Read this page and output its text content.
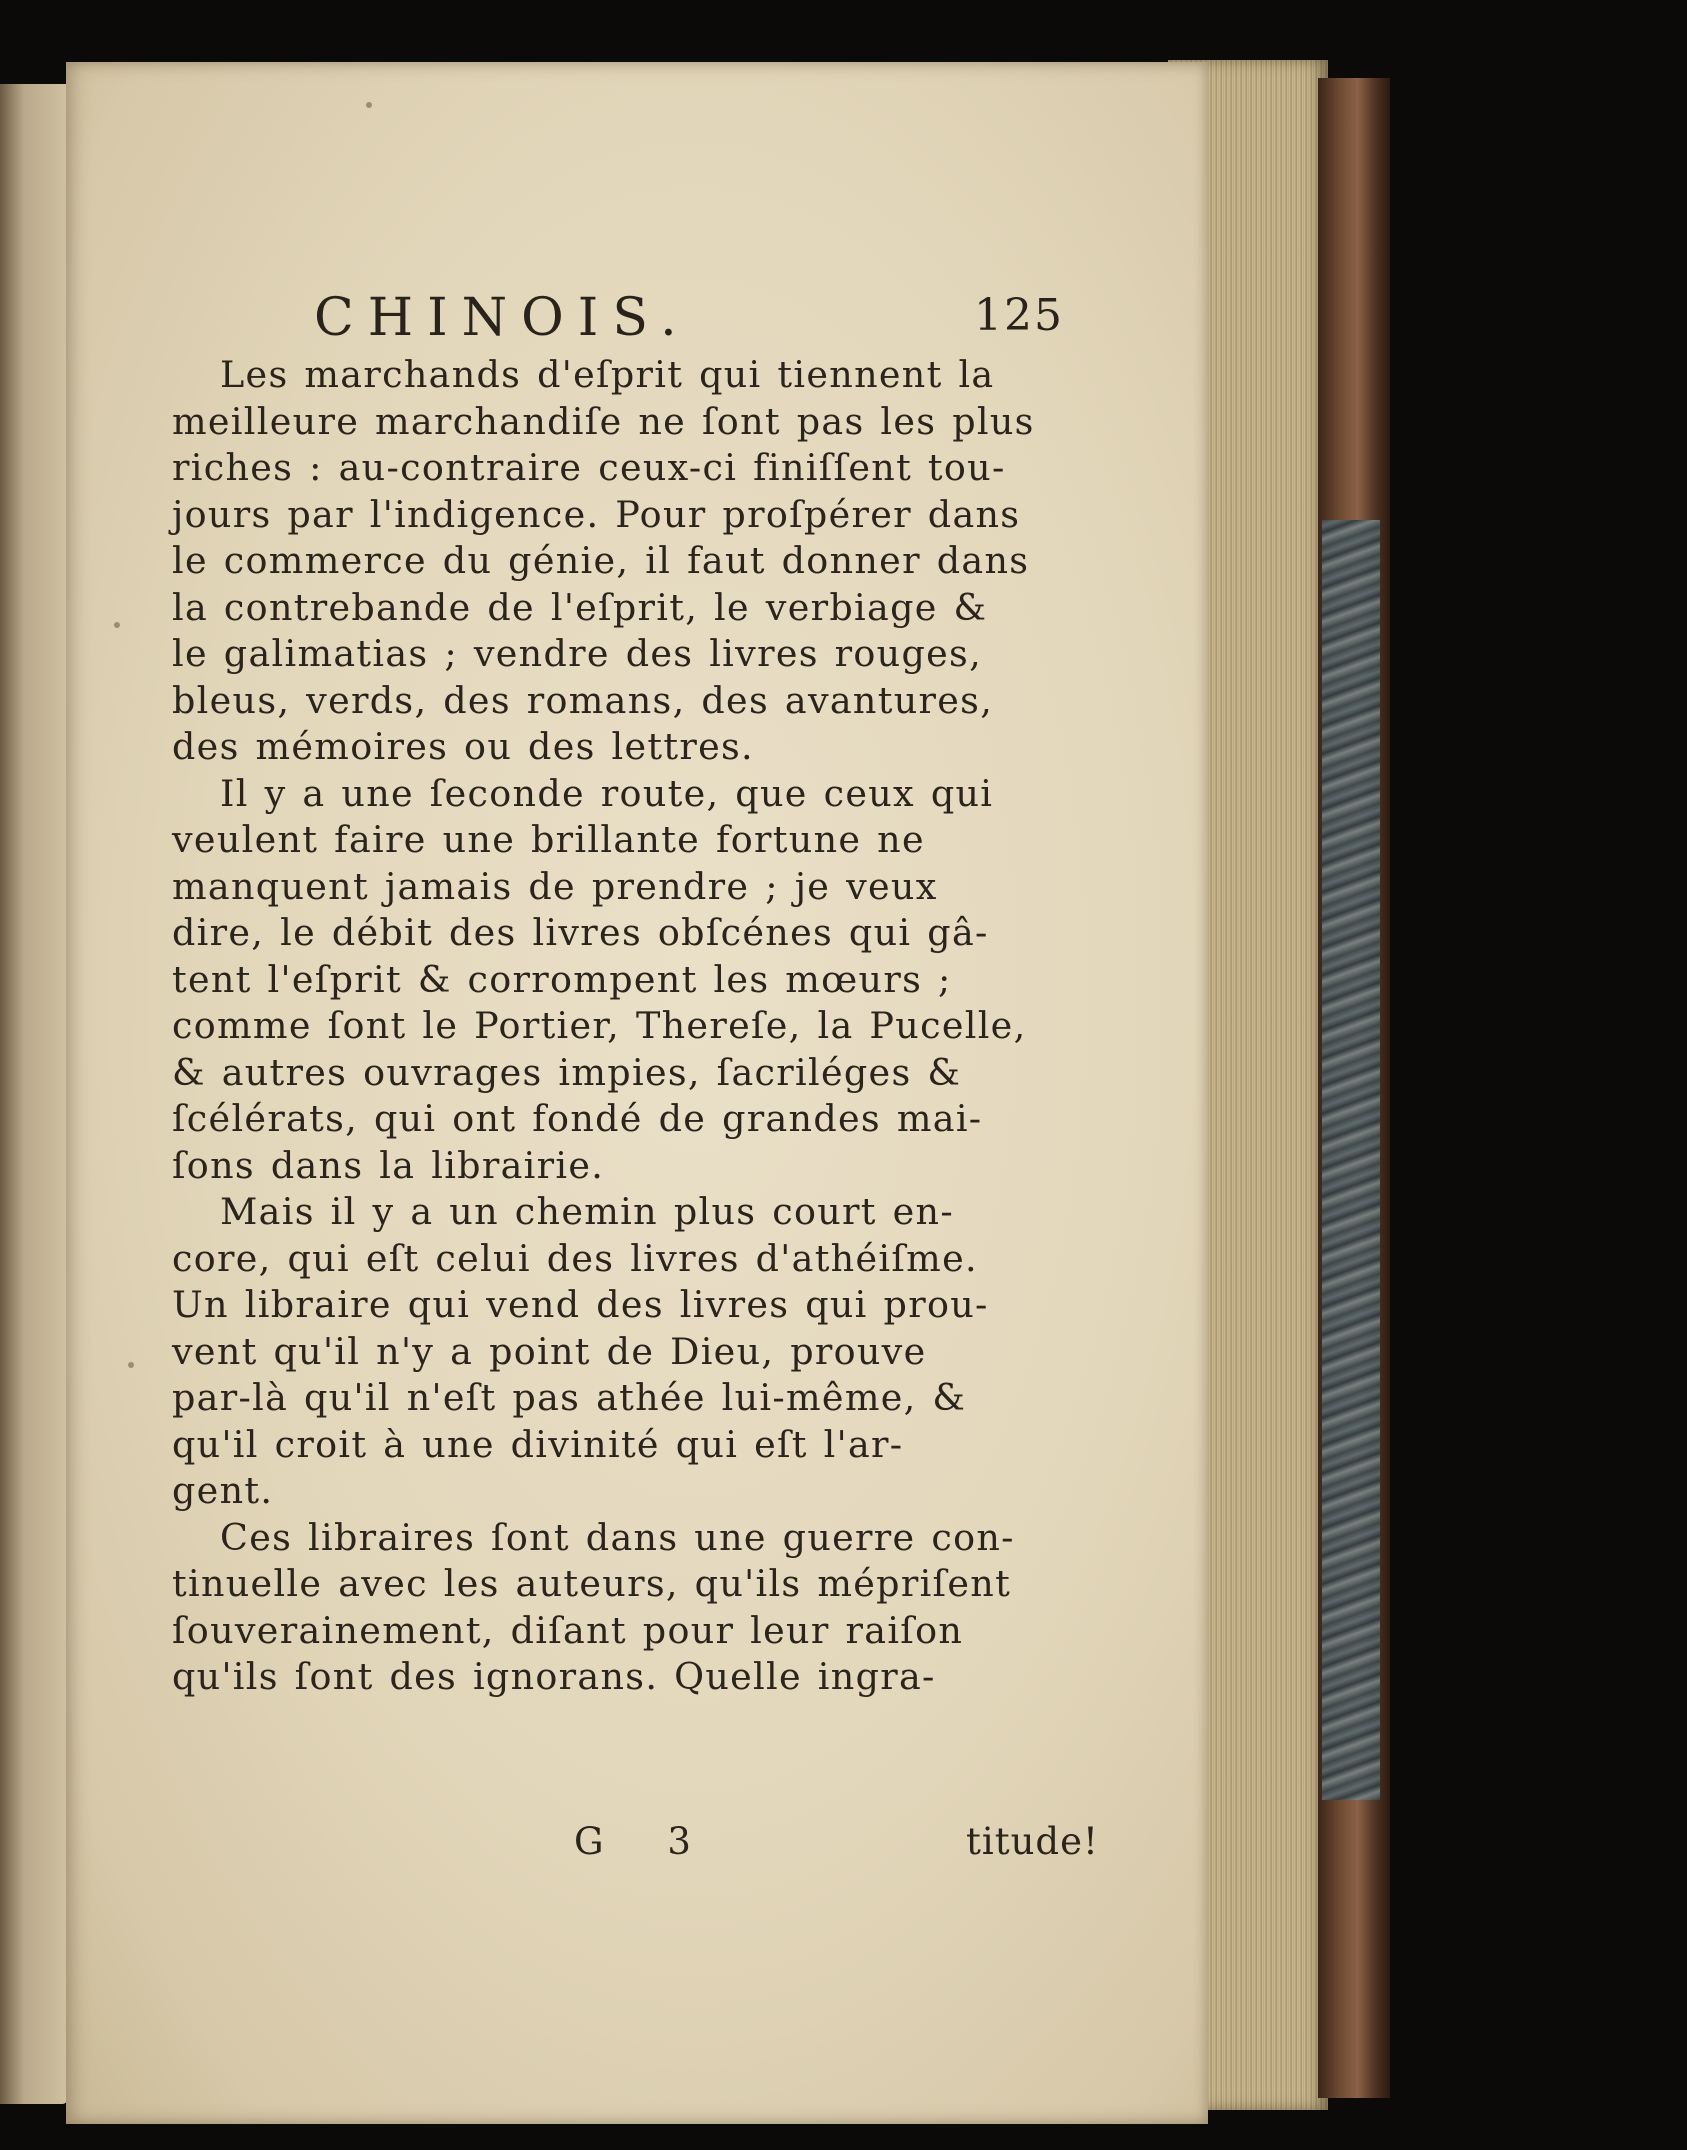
CHINOIS.	125
Les marchands d'eſprit qui tiennent la
meilleure marchandiſe ne ſont pas les plus
riches : au-contraire ceux-ci finiſſent tou-
jours par l'indigence. Pour proſpérer dans
le commerce du génie, il faut donner dans
la contrebande de l'eſprit, le verbiage &
le galimatias ; vendre des livres rouges,
bleus, verds, des romans, des avantures,
des mémoires ou des lettres.
Il y a une ſeconde route, que ceux qui
veulent faire une brillante fortune ne
manquent jamais de prendre ; je veux
dire, le débit des livres obſcénes qui gâ-
tent l'eſprit & corrompent les mœurs ;
comme ſont le Portier, Thereſe, la Pucelle,
& autres ouvrages impies, ſacriléges &
ſcélérats, qui ont fondé de grandes mai-
ſons dans la librairie.
Mais il y a un chemin plus court en-
core, qui eſt celui des livres d'athéiſme.
Un libraire qui vend des livres qui prou-
vent qu'il n'y a point de Dieu, prouve
par-là qu'il n'eſt pas athée lui-même, &
qu'il croit à une divinité qui eſt l'ar-
gent.
Ces libraires ſont dans une guerre con-
tinuelle avec les auteurs, qu'ils mépriſent
ſouverainement, diſant pour leur raiſon
qu'ils ſont des ignorans. Quelle ingra-
G 3	titude!
